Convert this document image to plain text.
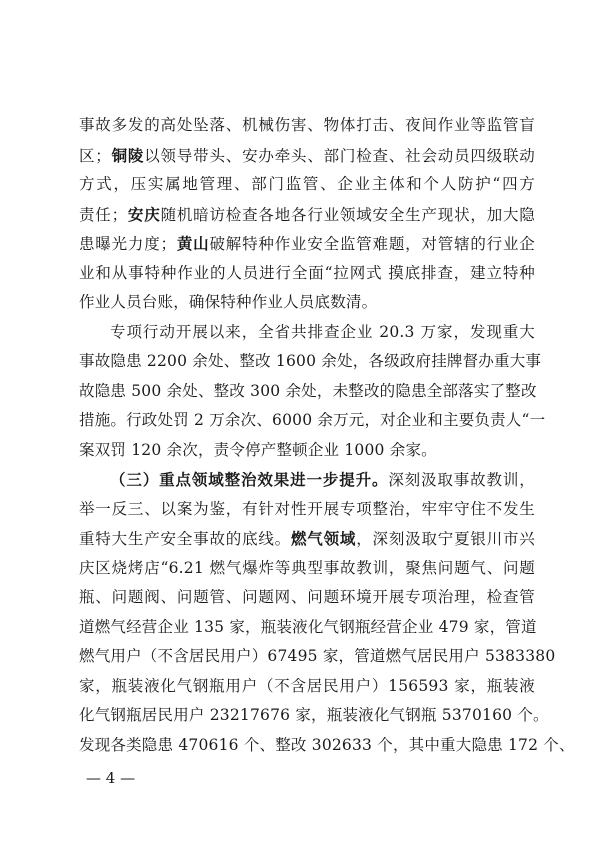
事故多发的高处坠落、机械伤害、物体打击、夜间作业等监管盲
区；铜陵以领导带头、安办牵头、部门检查、社会动员四级联动
方式，压实属地管理、部门监管、企业主体和个人防护“四方
责任；安庆随机暗访检查各地各行业领域安全生产现状，加大隐
患曝光力度；黄山破解特种作业安全监管难题，对管辖的行业企
业和从事特种作业的人员进行全面“拉网式 摸底排查，建立特种
作业人员台账，确保特种作业人员底数清。
专项行动开展以来，全省共排查企业 20.3 万家，发现重大
事故隐患 2200 余处、整改 1600 余处，各级政府挂牌督办重大事
故隐患 500 余处、整改 300 余处，未整改的隐患全部落实了整改
措施。行政处罚 2 万余次、6000 余万元，对企业和主要负责人“一
案双罚 120 余次，责令停产整顿企业 1000 余家。
（三）重点领域整治效果进一步提升。深刻汲取事故教训，
举一反三、以案为鉴，有针对性开展专项整治，牢牢守住不发生
重特大生产安全事故的底线。燃气领域，深刻汲取宁夏银川市兴
庆区烧烤店“6.21 燃气爆炸等典型事故教训，聚焦问题气、问题
瓶、问题阀、问题管、问题网、问题环境开展专项治理，检查管
道燃气经营企业 135 家，瓶装液化气钢瓶经营企业 479 家，管道
燃气用户（不含居民用户）67495 家，管道燃气居民用户 5383380
家，瓶装液化气钢瓶用户（不含居民用户）156593 家，瓶装液
化气钢瓶居民用户 23217676 家，瓶装液化气钢瓶 5370160 个。
发现各类隐患 470616 个、整改 302633 个，其中重大隐患 172 个、
— 4 —
